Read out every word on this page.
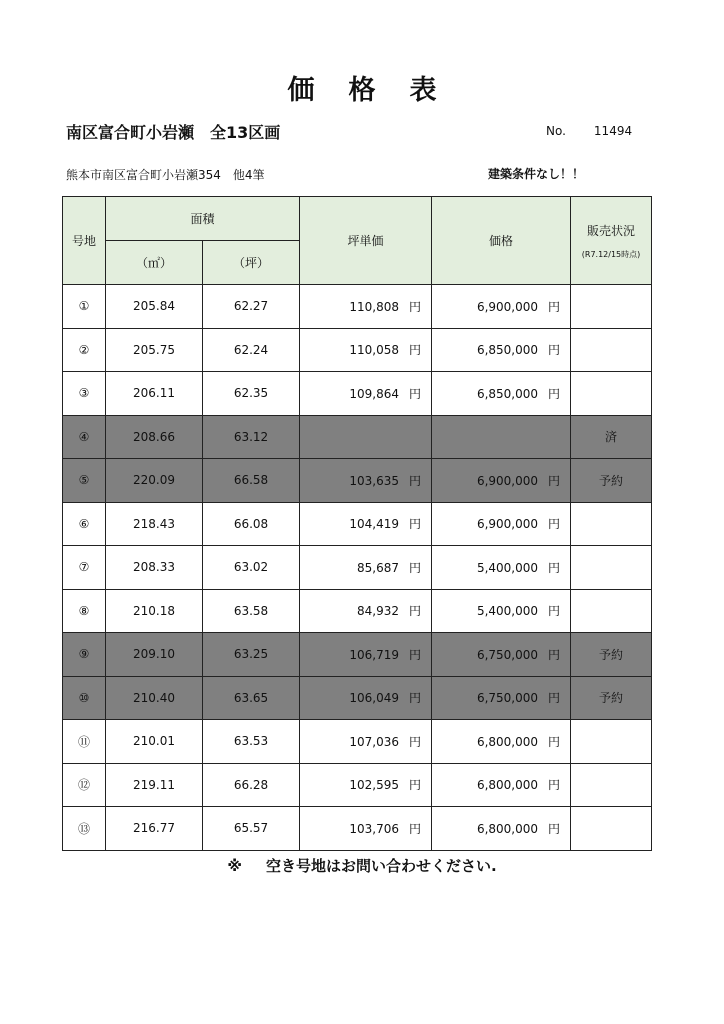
価格表
南区富合町小岩瀬　全13区画	No. 11494
熊本市南区富合町小岩瀬354　他4筆	建築条件なし！！
号地	面積		坪単価	価格	販売状況
(R7.12/15時点)

	（㎡）	（坪）			
①	205.84	62.27	110,808 円	6,900,000 円	
②	205.75	62.24	110,058 円	6,850,000 円	
③	206.11	62.35	109,864 円	6,850,000 円	
④	208.66	63.12			済
⑤	220.09	66.58	103,635 円	6,900,000 円	予約
⑥	218.43	66.08	104,419 円	6,900,000 円	
⑦	208.33	63.02	85,687 円	5,400,000 円	
⑧	210.18	63.58	84,932 円	5,400,000 円	
⑨	209.10	63.25	106,719 円	6,750,000 円	予約
⑩	210.40	63.65	106,049 円	6,750,000 円	予約
⑪	210.01	63.53	107,036 円	6,800,000 円	
⑫	219.11	66.28	102,595 円	6,800,000 円	
⑬	216.77	65.57	103,706 円	6,800,000 円	
※ 空き号地はお問い合わせください.
